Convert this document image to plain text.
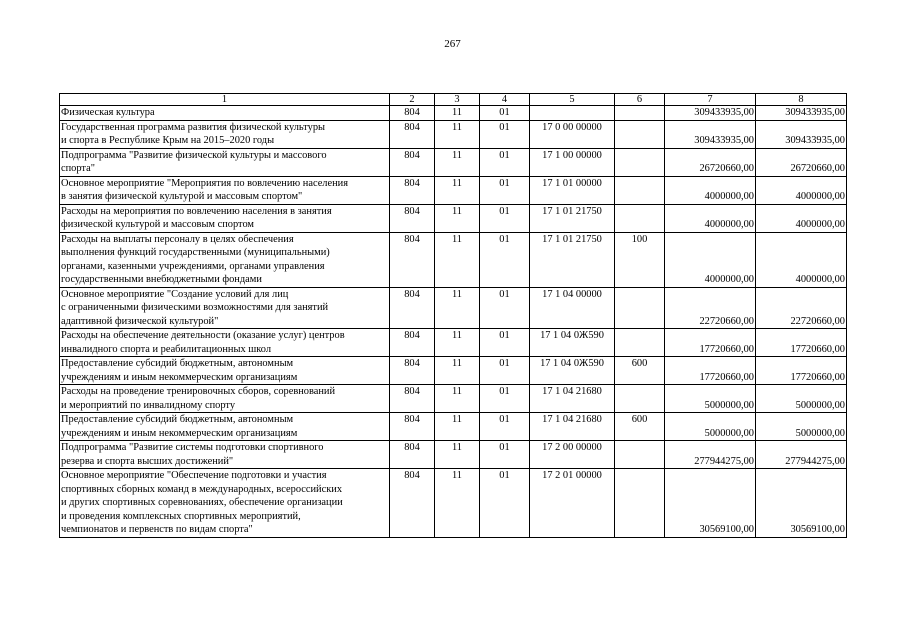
267
1	2	3	4	5	6	7	8
Физическая культура	804	11	01			309433935,00	309433935,00
Государственная программа развития физической культуры
и спорта в Республике Крым на 2015–2020 годы	804	11	01	17 0 00 00000		309433935,00	309433935,00
Подпрограмма "Развитие физической культуры и массового
спорта"	804	11	01	17 1 00 00000		26720660,00	26720660,00
Основное мероприятие "Мероприятия по вовлечению населения
в занятия физической культурой и массовым спортом"	804	11	01	17 1 01 00000		4000000,00	4000000,00
Расходы на мероприятия по вовлечению населения в занятия
физической культурой и массовым спортом	804	11	01	17 1 01 21750		4000000,00	4000000,00
Расходы на выплаты персоналу в целях обеспечения
выполнения функций государственными (муниципальными)
органами, казенными учреждениями, органами управления
государственными внебюджетными фондами	804	11	01	17 1 01 21750	100	4000000,00	4000000,00
Основное мероприятие "Создание условий для лиц
с ограниченными физическими возможностями для занятий
адаптивной физической культурой"	804	11	01	17 1 04 00000		22720660,00	22720660,00
Расходы на обеспечение деятельности (оказание услуг) центров
инвалидного спорта и реабилитационных школ	804	11	01	17 1 04 0Ж590		17720660,00	17720660,00
Предоставление субсидий бюджетным, автономным
учреждениям и иным некоммерческим организациям	804	11	01	17 1 04 0Ж590	600	17720660,00	17720660,00
Расходы на проведение тренировочных сборов, соревнований
и мероприятий по инвалидному спорту	804	11	01	17 1 04 21680		5000000,00	5000000,00
Предоставление субсидий бюджетным, автономным
учреждениям и иным некоммерческим организациям	804	11	01	17 1 04 21680	600	5000000,00	5000000,00
Подпрограмма "Развитие системы подготовки спортивного
резерва и спорта высших достижений"	804	11	01	17 2 00 00000		277944275,00	277944275,00
Основное мероприятие "Обеспечение подготовки и участия
спортивных сборных команд в международных, всероссийских
и других спортивных соревнованиях, обеспечение организации
и проведения комплексных спортивных мероприятий,
чемпионатов и первенств по видам спорта"	804	11	01	17 2 01 00000		30569100,00	30569100,00
